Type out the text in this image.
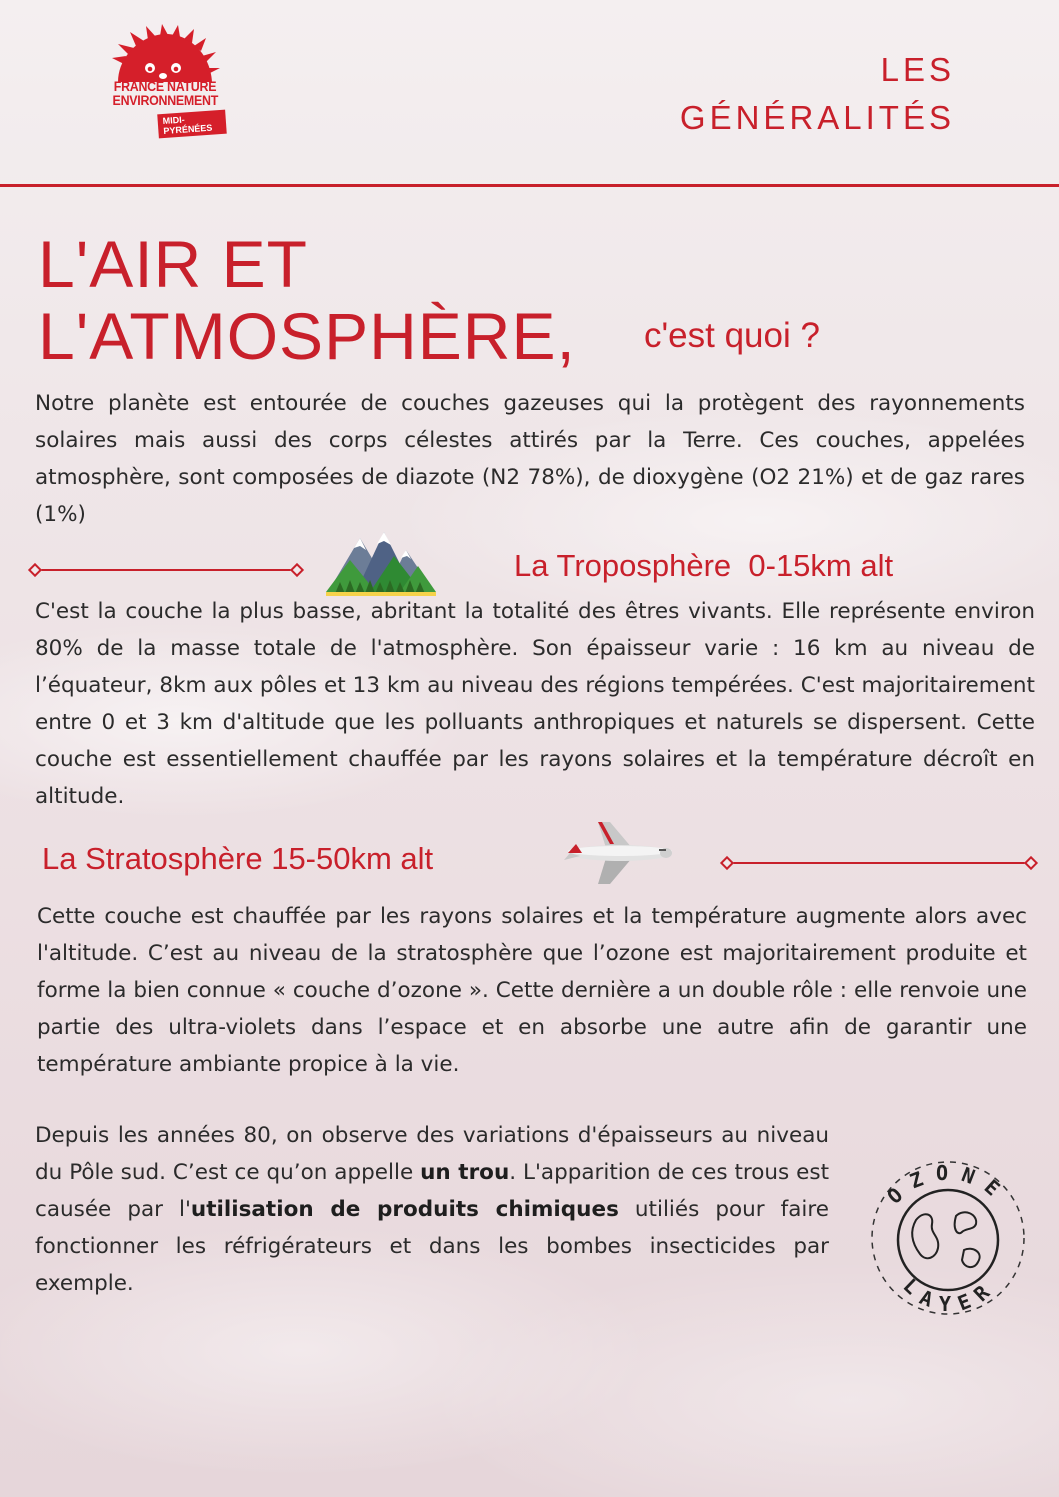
FRANCE NATURE
ENVIRONNEMENT
MIDI-PYRÉNÉES
LES
GÉNÉRALITÉS
L'AIR ET
L'ATMOSPHÈRE, c'est quoi ?

Notre planète est entourée de couches gazeuses qui la protègent des rayonnements solaires mais aussi des corps célestes attirés par la Terre. Ces couches, appelées atmosphère, sont composées de diazote (N2 78%), de dioxygène (O2 21%) et de gaz rares (1%)

La Troposphère  0-15km alt

C'est la couche la plus basse, abritant la totalité des êtres vivants. Elle représente environ 80% de la masse totale de l'atmosphère. Son épaisseur varie : 16 km au niveau de l’équateur, 8km aux pôles et 13 km au niveau des régions tempérées. C'est majoritairement entre 0 et 3 km d'altitude que les polluants anthropiques et naturels se dispersent. Cette couche est essentiellement chauffée par les rayons solaires et la température décroît en altitude.

La Stratosphère 15-50km alt

Cette couche est chauffée par les rayons solaires et la température augmente alors avec l'altitude. C’est au niveau de la stratosphère que l’ozone est majoritairement produite et forme la bien connue « couche d’ozone ». Cette dernière a un double rôle : elle renvoie une partie des ultra-violets dans l’espace et en absorbe une autre afin de garantir une température ambiante propice à la vie.

Depuis les années 80, on observe des variations d'épaisseurs au niveau du Pôle sud. C’est ce qu’on appelle un trou. L'apparition de ces trous est causée par l'utilisation de produits chimiques utiliés pour faire fonctionner les réfrigérateurs et dans les bombes insecticides par exemple.

OZONE
LAYER
